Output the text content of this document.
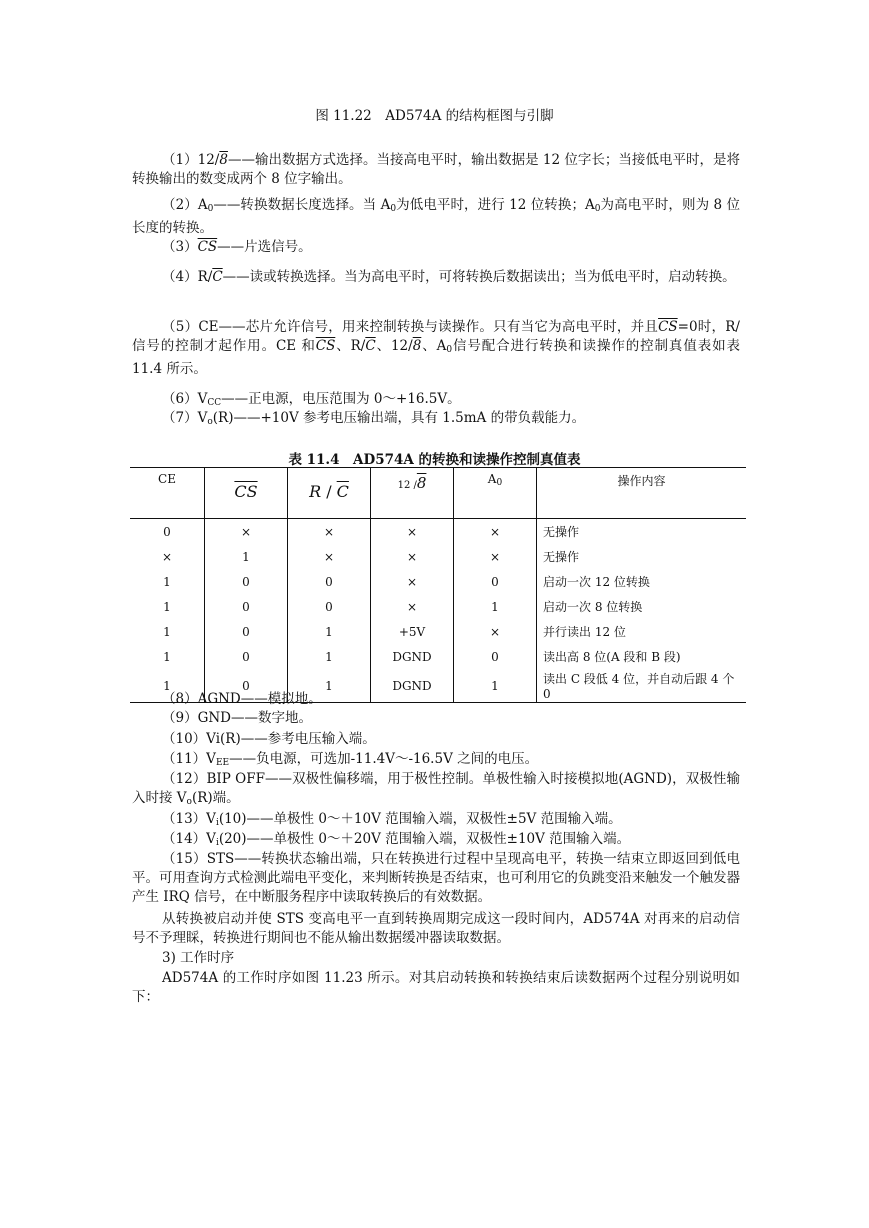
图 11.22　AD574A 的结构框图与引脚
（1）12/8——输出数据方式选择。当接高电平时，输出数据是 12 位字长；当接低电平时，是将转换输出的数变成两个 8 位字输出。
$(2)A_0——$转换数据长度选择。当 $A_0$为低电平时，进行 12 位转换；$A_0$为高电平时，则为 8 位长度的转换。
$(3)\overline{CS}——$片选信号。
$(4)R/\overline{C}——$读或转换选择。当为高电平时，可将转换后数据读出；当为低电平时，启动转换。
（5）CE——芯片允许信号，用来控制转换与读操作。只有当它为高电平时，并且$\overline{CS}=0$时，R/信号的控制才起作用。CE 和$\overline{CS}$、$R/\overline{C}$、12/8、$A_0$信号配合进行转换和读操作的控制真值表如表 11.4 所示。
$(6)V_{CC}——$正电源，电压范围为 0～+16.5V。
$(7)V_o(R)——+10V$ 参考电压输出端，具有 1.5mA 的带负载能力。
表 11.4　AD574A 的转换和读操作控制真值表
CE	$\overline{CS}$	R / $\overline{C}$	12 /8	$A_0$	操作内容
0	×	×	×	×	无操作
×	1	×	×	×	无操作
1	0	0	×	0	启动一次 12 位转换
1	0	0	×	1	启动一次 8 位转换
1	0	1	+5V	×	并行读出 12 位
1	0	1	DGND	0	读出高 8 位(A 段和 B 段)
1	0	1	DGND	1	读出 C 段低 4 位，并自动后跟 4 个 0
（8）AGND——模拟地。
（9）GND——数字地。
（10）Vi(R)——参考电压输入端。
$(11)V_{EE}——$负电源，可选加-11.4V～-16.5V 之间的电压。
（12）BIP OFF——双极性偏移端，用于极性控制。单极性输入时接模拟地(AGND)，双极性输入时接 $V_o(R)$端。
$(13)V_i(10)——$单极性 0～＋10V 范围输入端，双极性±5V 范围输入端。
$(14)V_i(20)——$单极性 0～＋20V 范围输入端，双极性±10V 范围输入端。
（15）STS——转换状态输出端，只在转换进行过程中呈现高电平，转换一结束立即返回到低电平。可用查询方式检测此端电平变化，来判断转换是否结束，也可利用它的负跳变沿来触发一个触发器产生 IRQ 信号，在中断服务程序中读取转换后的有效数据。
从转换被启动并使 STS 变高电平一直到转换周期完成这一段时间内，AD574A 对再来的启动信号不予理睬，转换进行期间也不能从输出数据缓冲器读取数据。
3) 工作时序
AD574A 的工作时序如图 11.23 所示。对其启动转换和转换结束后读数据两个过程分别说明如下：
